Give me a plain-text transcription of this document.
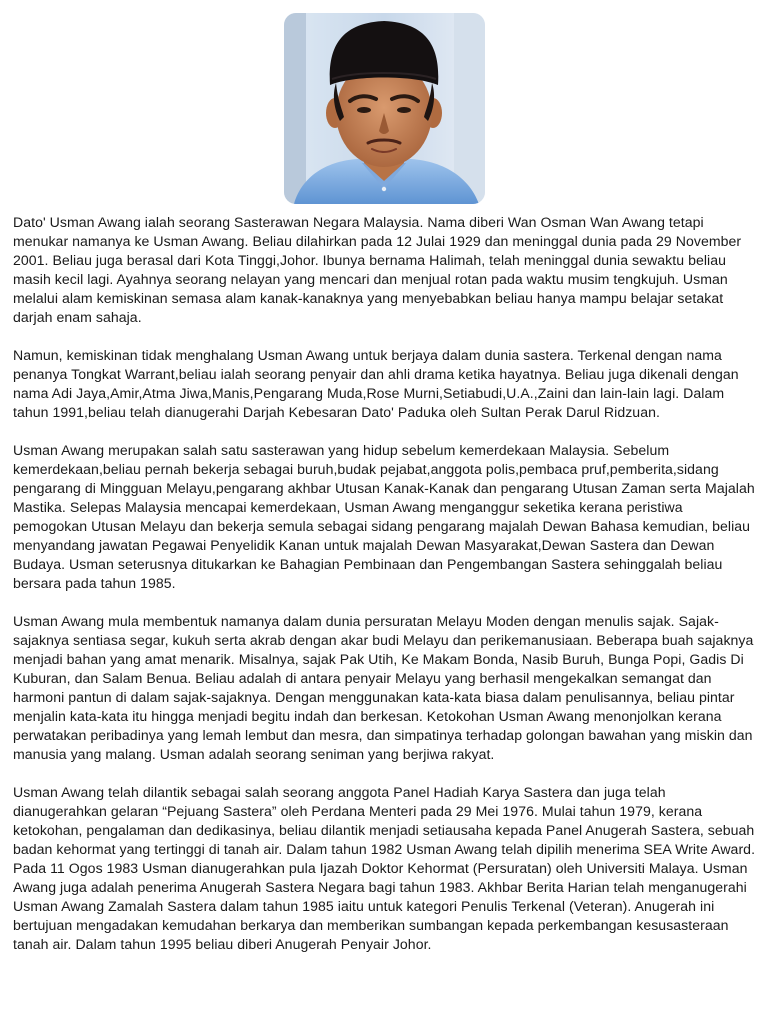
Dato' Usman Awang ialah seorang Sasterawan Negara Malaysia. Nama diberi Wan Osman Wan Awang tetapi menukar namanya ke Usman Awang. Beliau dilahirkan pada 12 Julai 1929 dan meninggal dunia pada 29 November 2001. Beliau juga berasal dari Kota Tinggi,Johor. Ibunya bernama Halimah, telah meninggal dunia sewaktu beliau masih kecil lagi. Ayahnya seorang nelayan yang mencari dan menjual rotan pada waktu musim tengkujuh. Usman melalui alam kemiskinan semasa alam kanak-kanaknya yang menyebabkan beliau hanya mampu belajar setakat darjah enam sahaja.

Namun, kemiskinan tidak menghalang Usman Awang untuk berjaya dalam dunia sastera. Terkenal dengan nama penanya Tongkat Warrant,beliau ialah seorang penyair dan ahli drama ketika hayatnya. Beliau juga dikenali dengan nama Adi Jaya,Amir,Atma Jiwa,Manis,Pengarang Muda,Rose Murni,Setiabudi,U.A.,Zaini dan lain-lain lagi. Dalam tahun 1991,beliau telah dianugerahi Darjah Kebesaran Dato' Paduka oleh Sultan Perak Darul Ridzuan.

Usman Awang merupakan salah satu sasterawan yang hidup sebelum kemerdekaan Malaysia. Sebelum kemerdekaan,beliau pernah bekerja sebagai buruh,budak pejabat,anggota polis,pembaca pruf,pemberita,sidang pengarang di Mingguan Melayu,pengarang akhbar Utusan Kanak-Kanak dan pengarang Utusan Zaman serta Majalah Mastika. Selepas Malaysia mencapai kemerdekaan, Usman Awang menganggur seketika kerana peristiwa pemogokan Utusan Melayu dan bekerja semula sebagai sidang pengarang majalah Dewan Bahasa kemudian, beliau menyandang jawatan Pegawai Penyelidik Kanan untuk majalah Dewan Masyarakat,Dewan Sastera dan Dewan Budaya. Usman seterusnya ditukarkan ke Bahagian Pembinaan dan Pengembangan Sastera sehinggalah beliau bersara pada tahun 1985.

Usman Awang mula membentuk namanya dalam dunia persuratan Melayu Moden dengan menulis sajak. Sajak-sajaknya sentiasa segar, kukuh serta akrab dengan akar budi Melayu dan perikemanusiaan. Beberapa buah sajaknya menjadi bahan yang amat menarik. Misalnya, sajak Pak Utih, Ke Makam Bonda, Nasib Buruh, Bunga Popi, Gadis Di Kuburan, dan Salam Benua. Beliau adalah di antara penyair Melayu yang berhasil mengekalkan semangat dan harmoni pantun di dalam sajak-sajaknya. Dengan menggunakan kata-kata biasa dalam penulisannya, beliau pintar menjalin kata-kata itu hingga menjadi begitu indah dan berkesan. Ketokohan Usman Awang menonjolkan kerana perwatakan peribadinya yang lemah lembut dan mesra, dan simpatinya terhadap golongan bawahan yang miskin dan manusia yang malang. Usman adalah seorang seniman yang berjiwa rakyat.

Usman Awang telah dilantik sebagai salah seorang anggota Panel Hadiah Karya Sastera dan juga telah dianugerahkan gelaran “Pejuang Sastera” oleh Perdana Menteri pada 29 Mei 1976. Mulai tahun 1979, kerana ketokohan, pengalaman dan dedikasinya, beliau dilantik menjadi setiausaha kepada Panel Anugerah Sastera, sebuah badan kehormat yang tertinggi di tanah air. Dalam tahun 1982 Usman Awang telah dipilih menerima SEA Write Award. Pada 11 Ogos 1983 Usman dianugerahkan pula Ijazah Doktor Kehormat (Persuratan) oleh Universiti Malaya. Usman Awang juga adalah penerima Anugerah Sastera Negara bagi tahun 1983. Akhbar Berita Harian telah menganugerahi Usman Awang Zamalah Sastera dalam tahun 1985 iaitu untuk kategori Penulis Terkenal (Veteran). Anugerah ini bertujuan mengadakan kemudahan berkarya dan memberikan sumbangan kepada perkembangan kesusasteraan tanah air. Dalam tahun 1995 beliau diberi Anugerah Penyair Johor.
